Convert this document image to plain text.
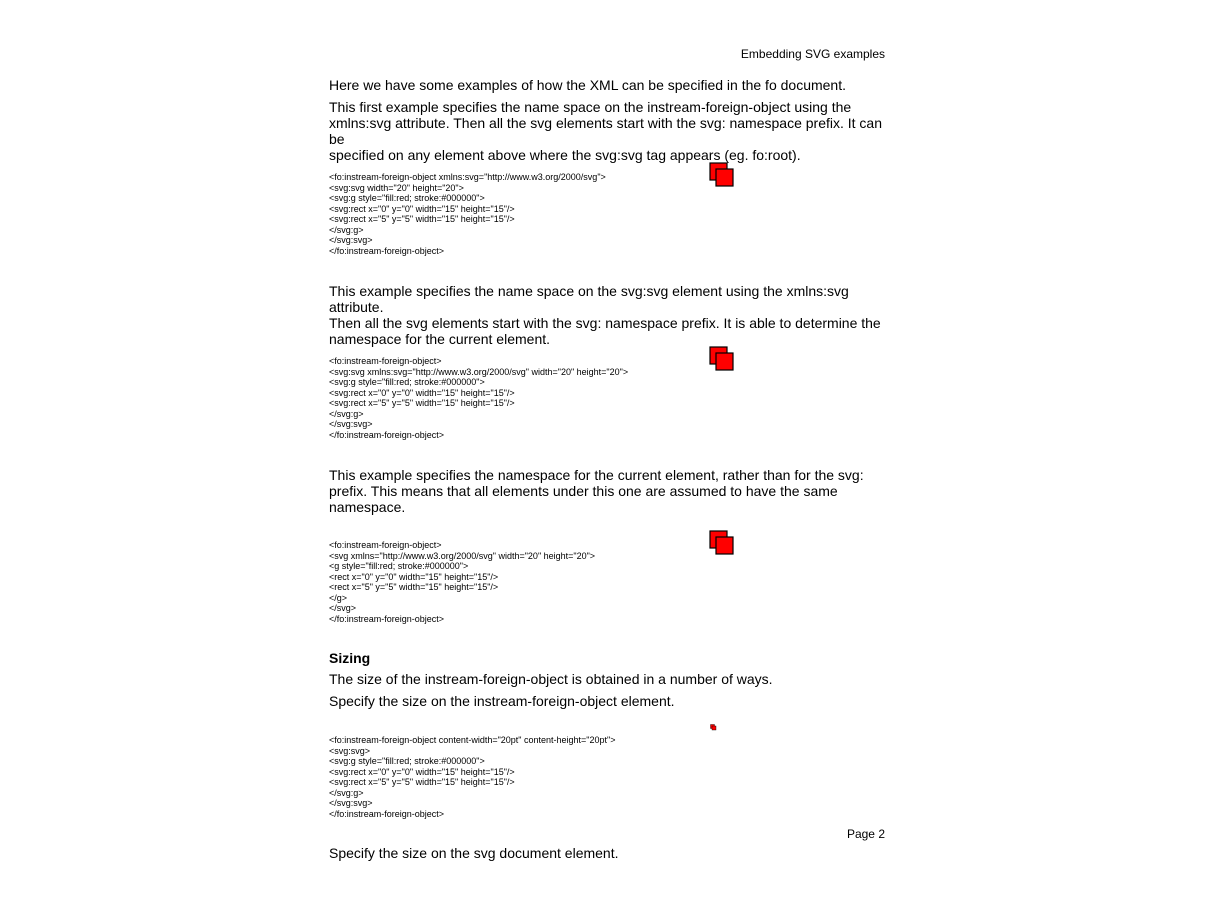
Embedding SVG examples

Here we have some examples of how the XML can be specified in the fo document.

This first example specifies the name space on the instream-foreign-object using the

xmlns:svg attribute. Then all the svg elements start with the svg: namespace prefix. It can be

specified on any element above where the svg:svg tag appears (eg. fo:root).

<fo:instream-foreign-object xmlns:svg="http://www.w3.org/2000/svg">
<svg:svg width="20" height="20">
<svg:g style="fill:red; stroke:#000000">
<svg:rect x="0" y="0" width="15" height="15"/>
<svg:rect x="5" y="5" width="15" height="15"/>
</svg:g>
</svg:svg>
</fo:instream-foreign-object>

This example specifies the name space on the svg:svg element using the xmlns:svg attribute.

Then all the svg elements start with the svg: namespace prefix. It is able to determine the

namespace for the current element.

<fo:instream-foreign-object>
<svg:svg xmlns:svg="http://www.w3.org/2000/svg" width="20" height="20">
<svg:g style="fill:red; stroke:#000000">
<svg:rect x="0" y="0" width="15" height="15"/>
<svg:rect x="5" y="5" width="15" height="15"/>
</svg:g>
</svg:svg>
</fo:instream-foreign-object>

This example specifies the namespace for the current element, rather than for the svg:

prefix. This means that all elements under this one are assumed to have the same

namespace.

<fo:instream-foreign-object>
<svg xmlns="http://www.w3.org/2000/svg" width="20" height="20">
<g style="fill:red; stroke:#000000">
<rect x="0" y="0" width="15" height="15"/>
<rect x="5" y="5" width="15" height="15"/>
</g>
</svg>
</fo:instream-foreign-object>

Sizing

The size of the instream-foreign-object is obtained in a number of ways.

Specify the size on the instream-foreign-object element.

<fo:instream-foreign-object content-width="20pt" content-height="20pt">
<svg:svg>
<svg:g style="fill:red; stroke:#000000">
<svg:rect x="0" y="0" width="15" height="15"/>
<svg:rect x="5" y="5" width="15" height="15"/>
</svg:g>
</svg:svg>
</fo:instream-foreign-object>
Page 2

Specify the size on the svg document element.
